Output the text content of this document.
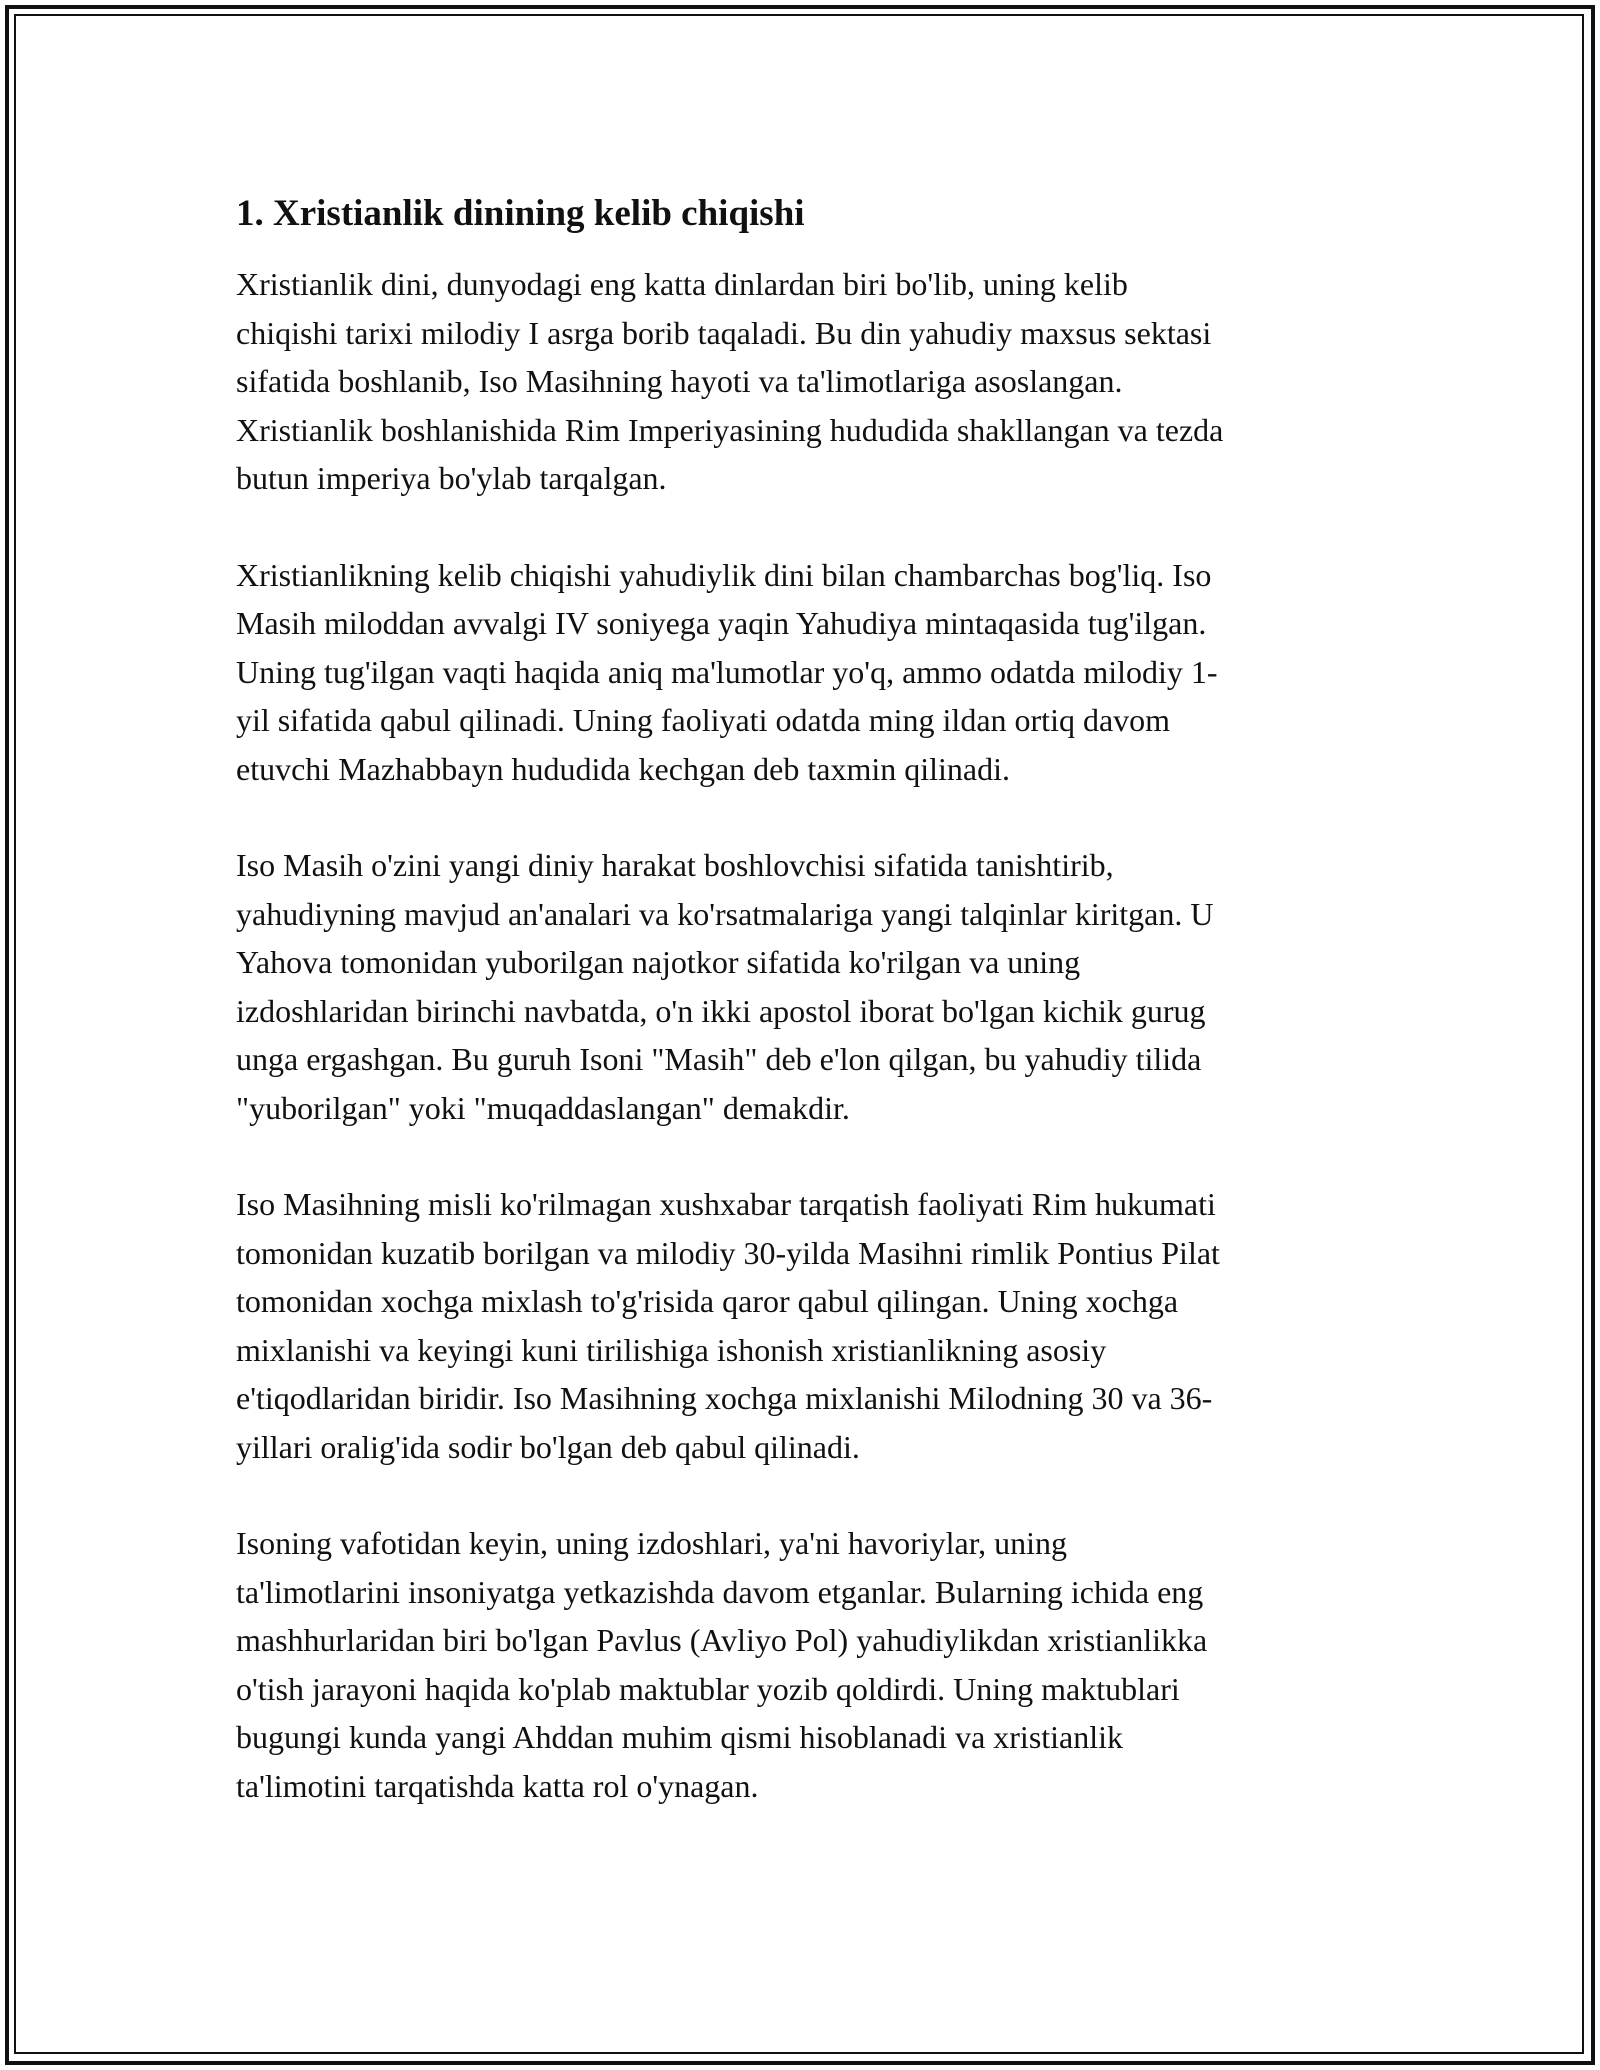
1. Xristianlik dinining kelib chiqishi

Xristianlik dini, dunyodagi eng katta dinlardan biri bo'lib, uning kelib
chiqishi tarixi milodiy I asrga borib taqaladi. Bu din yahudiy maxsus sektasi
sifatida boshlanib, Iso Masihning hayoti va ta'limotlariga asoslangan.
Xristianlik boshlanishida Rim Imperiyasining hududida shakllangan va tezda
butun imperiya bo'ylab tarqalgan.

Xristianlikning kelib chiqishi yahudiylik dini bilan chambarchas bog'liq. Iso
Masih miloddan avvalgi IV soniyega yaqin Yahudiya mintaqasida tug'ilgan.
Uning tug'ilgan vaqti haqida aniq ma'lumotlar yo'q, ammo odatda milodiy 1-
yil sifatida qabul qilinadi. Uning faoliyati odatda ming ildan ortiq davom
etuvchi Mazhabbayn hududida kechgan deb taxmin qilinadi.

Iso Masih o'zini yangi diniy harakat boshlovchisi sifatida tanishtirib,
yahudiyning mavjud an'analari va ko'rsatmalariga yangi talqinlar kiritgan. U
Yahova tomonidan yuborilgan najotkor sifatida ko'rilgan va uning
izdoshlaridan birinchi navbatda, o'n ikki apostol iborat bo'lgan kichik gurug
unga ergashgan. Bu guruh Isoni "Masih" deb e'lon qilgan, bu yahudiy tilida
"yuborilgan" yoki "muqaddaslangan" demakdir.

Iso Masihning misli ko'rilmagan xushxabar tarqatish faoliyati Rim hukumati
tomonidan kuzatib borilgan va milodiy 30-yilda Masihni rimlik Pontius Pilat
tomonidan xochga mixlash to'g'risida qaror qabul qilingan. Uning xochga
mixlanishi va keyingi kuni tirilishiga ishonish xristianlikning asosiy
e'tiqodlaridan biridir. Iso Masihning xochga mixlanishi Milodning 30 va 36-
yillari oralig'ida sodir bo'lgan deb qabul qilinadi.

Isoning vafotidan keyin, uning izdoshlari, ya'ni havoriylar, uning
ta'limotlarini insoniyatga yetkazishda davom etganlar. Bularning ichida eng
mashhurlaridan biri bo'lgan Pavlus (Avliyo Pol) yahudiylikdan xristianlikka
o'tish jarayoni haqida ko'plab maktublar yozib qoldirdi. Uning maktublari
bugungi kunda yangi Ahddan muhim qismi hisoblanadi va xristianlik
ta'limotini tarqatishda katta rol o'ynagan.
